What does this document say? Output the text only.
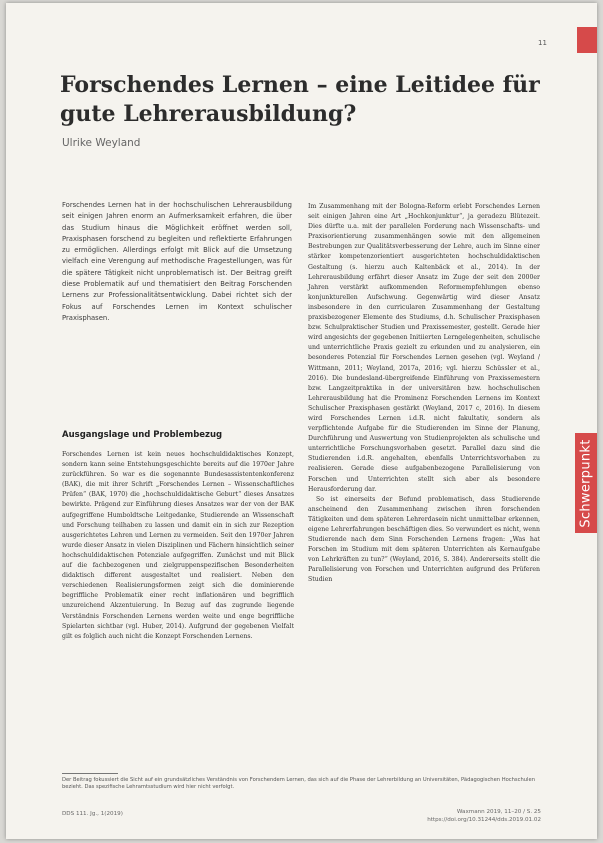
11
Forschendes Lernen – eine Leitidee für gute Lehrerausbildung?
Ulrike Weyland

Forschendes Lernen hat in der hochschulischen Lehrerausbildung seit einigen Jahren enorm an Aufmerksamkeit erfahren, die über das Studium hinaus die Möglichkeit eröffnet werden soll, Praxisphasen forschend zu begleiten und reflektierte Erfahrungen zu ermöglichen. Allerdings erfolgt mit Blick auf die Umsetzung vielfach eine Verengung auf methodische Fragestellungen, was für die spätere Tätigkeit nicht unproblematisch ist. Der Beitrag greift diese Problematik auf und thematisiert den Beitrag Forschenden Lernens zur Professionalitätsentwicklung. Dabei richtet sich der Fokus auf Forschendes Lernen im Kontext schulischer Praxisphasen.

Ausgangslage und Problembezug

Forschendes Lernen ist kein neues hochschuldidaktisches Konzept, sondern kann seine Entstehungsgeschichte bereits auf die 1970er Jahre zurückführen. So war es die sogenannte Bundesassistentenkonferenz (BAK), die mit ihrer Schrift „Forschendes Lernen – Wissenschaftliches Prüfen“ (BAK, 1970) die „hochschuldidaktische Geburt“ dieses Ansatzes bewirkte. Prägend zur Einführung dieses Ansatzes war der von der BAK aufgegriffene Humboldtsche Leitgedanke, Studierende an Wissenschaft und Forschung teilhaben zu lassen und damit ein in sich zur Rezeption ausgerichtetes Lehren und Lernen zu vermeiden. Seit den 1970er Jahren wurde dieser Ansatz in vielen Disziplinen und Fächern hinsichtlich seiner hochschuldidaktischen Potenziale aufgegriffen. Zunächst und mit Blick auf die fachbezogenen und zielgruppenspezifischen Besonderheiten didaktisch different ausgestaltet und realisiert. Neben den verschiedenen Realisierungsformen zeigt sich die dominierende begriffliche Problematik einer recht inflationären und begrifflich unzureichend Akzentuierung. In Bezug auf das zugrunde liegende Verständnis Forschenden Lernens werden weite und enge begriffliche Spielarten sichtbar (vgl. Huber, 2014). Aufgrund der gegebenen Vielfalt gilt es folglich auch nicht die Konzept Forschenden Lernens.

Im Zusammenhang mit der Bologna-Reform erlebt Forschendes Lernen seit einigen Jahren eine Art „Hochkonjunktur“, ja geradezu Blütezeit. Dies dürfte u.a. mit der parallelen Forderung nach Wissenschafts- und Praxisorientierung zusammenhängen sowie mit den allgemeinen Bestrebungen zur Qualitätsverbesserung der Lehre, auch im Sinne einer stärker kompetenzorientiert ausgerichteten hochschuldidaktischen Gestaltung (s. hierzu auch Kaltenbäck et al., 2014). In der Lehrerausbildung erfährt dieser Ansatz im Zuge der seit den 2000er Jahren verstärkt aufkommenden Reformempfehlungen ebenso konjunkturellen Aufschwung. Gegenwärtig wird dieser Ansatz insbesondere in den curricularen Zusammenhang der Gestaltung praxisbezogener Elemente des Studiums, d.h. Schulischer Praxisphasen bzw. Schulpraktischer Studien und Praxissemester, gestellt. Gerade hier wird angesichts der gegebenen Initiierten Lerngelegenheiten, schulische und unterrichtliche Praxis gezielt zu erkunden und zu analysieren, ein besonderes Potenzial für Forschendes Lernen gesehen (vgl. Weyland / Wittmann, 2011; Weyland, 2017a, 2016; vgl. hierzu Schüssler et al., 2016). Die bundesland-übergreifende Einführung von Praxissemestern bzw. Langzeitpraktika in der universitären bzw. hochschulischen Lehrerausbildung hat die Prominenz Forschenden Lernens im Kontext Schulischer Praxisphasen gestärkt (Weyland, 2017 c, 2016). In diesem wird Forschendes Lernen i.d.R. nicht fakultativ, sondern als verpflichtende Aufgabe für die Studierenden im Sinne der Planung, Durchführung und Auswertung von Studienprojekten als schulische und unterrichtliche Forschungsvorhaben gesetzt. Parallel dazu sind die Studierenden i.d.R. angehalten, ebenfalls Unterrichtsvorhaben zu realisieren. Gerade diese aufgabenbezogene Parallelisierung von Forschen und Unterrichten stellt sich aber als besondere Herausforderung dar.

So ist einerseits der Befund problematisch, dass Studierende anscheinend den Zusammenhang zwischen ihren forschenden Tätigkeiten und dem späteren Lehrerdasein nicht unmittelbar erkennen, eigene Lehrerfahrungen beschäftigen dies. So verwundert es nicht, wenn Studierende nach dem Sinn Forschenden Lernens fragen: „Was hat Forschen im Studium mit dem späteren Unterrichten als Kernaufgabe von Lehrkräften zu tun?“ (Weyland, 2016, S. 384). Andererseits stellt die Parallelisierung von Forschen und Unterrichten aufgrund des Prüferen Studien

Schwerpunkt

Der Beitrag fokussiert die Sicht auf ein grundsätzliches Verständnis von Forschendem Lernen, das sich auf die Phase der Lehrerbildung an Universitäten, Pädagogischen Hochschulen bezieht. Das spezifische Lehramtsstudium wird hier nicht verfolgt.

DDS 111. Jg., 1(2019)	Waxmann 2019, 11–20 / S. 25
https://doi.org/10.31244/dds.2019.01.02
